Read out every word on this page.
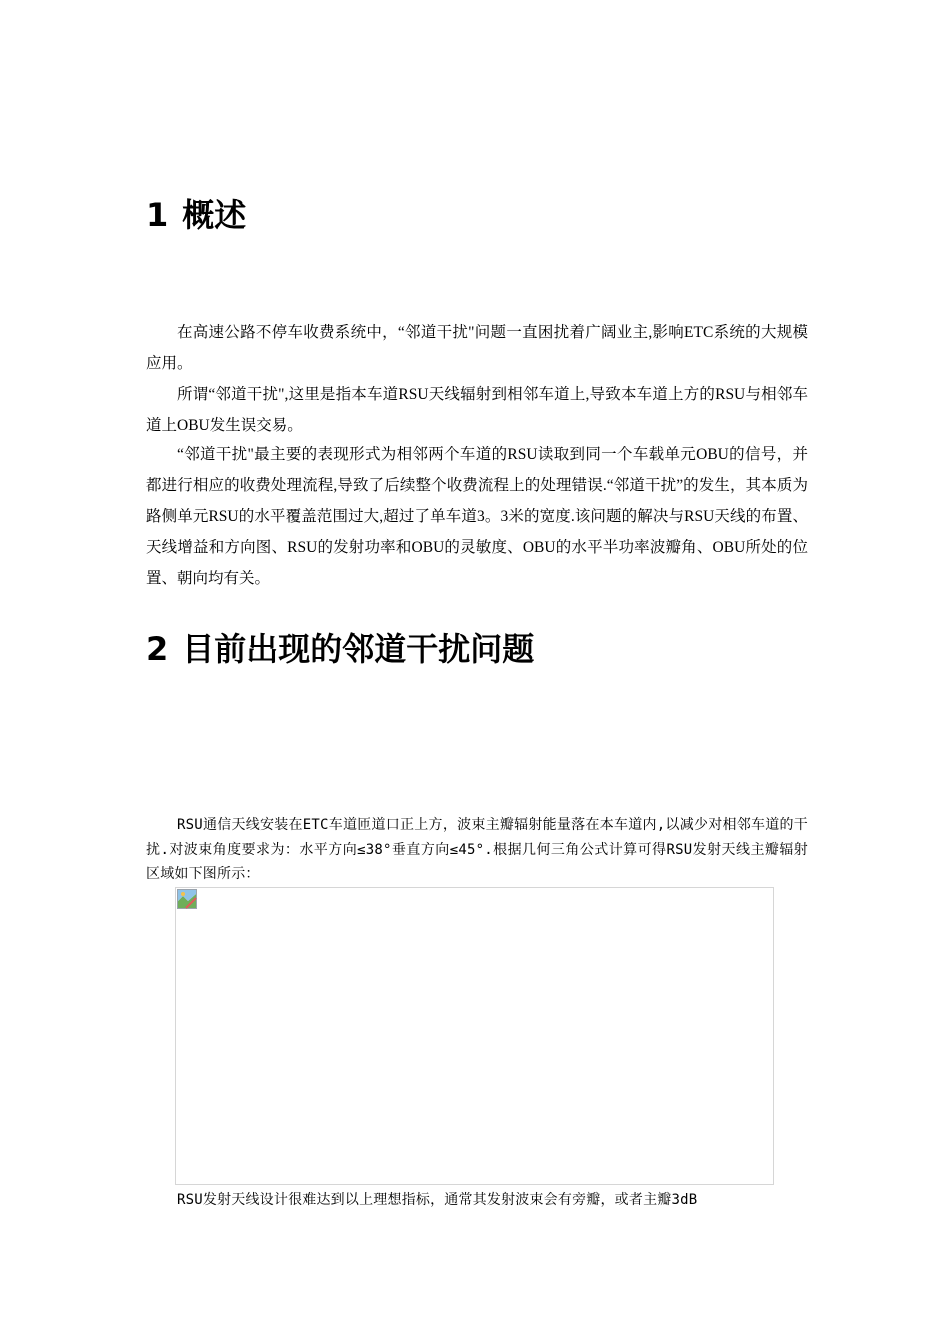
1 概述

在高速公路不停车收费系统中，“邻道干扰"问题一直困扰着广阔业主,影响ETC系统的大规模应用。

所谓“邻道干扰",这里是指本车道RSU天线辐射到相邻车道上,导致本车道上方的RSU与相邻车道上OBU发生误交易。

“邻道干扰"最主要的表现形式为相邻两个车道的RSU读取到同一个车载单元OBU的信号，并都进行相应的收费处理流程,导致了后续整个收费流程上的处理错误.“邻道干扰”的发生，其本质为路侧单元RSU的水平覆盖范围过大,超过了单车道3。3米的宽度.该问题的解决与RSU天线的布置、天线增益和方向图、RSU的发射功率和OBU的灵敏度、OBU的水平半功率波瓣角、OBU所处的位置、朝向均有关。

2 目前出现的邻道干扰问题

RSU通信天线安装在ETC车道匝道口正上方，波束主瓣辐射能量落在本车道内,以减少对相邻车道的干扰.对波束角度要求为：水平方向≤38°垂直方向≤45°.根据几何三角公式计算可得RSU发射天线主瓣辐射区域如下图所示：

RSU发射天线设计很难达到以上理想指标，通常其发射波束会有旁瓣，或者主瓣3dB
